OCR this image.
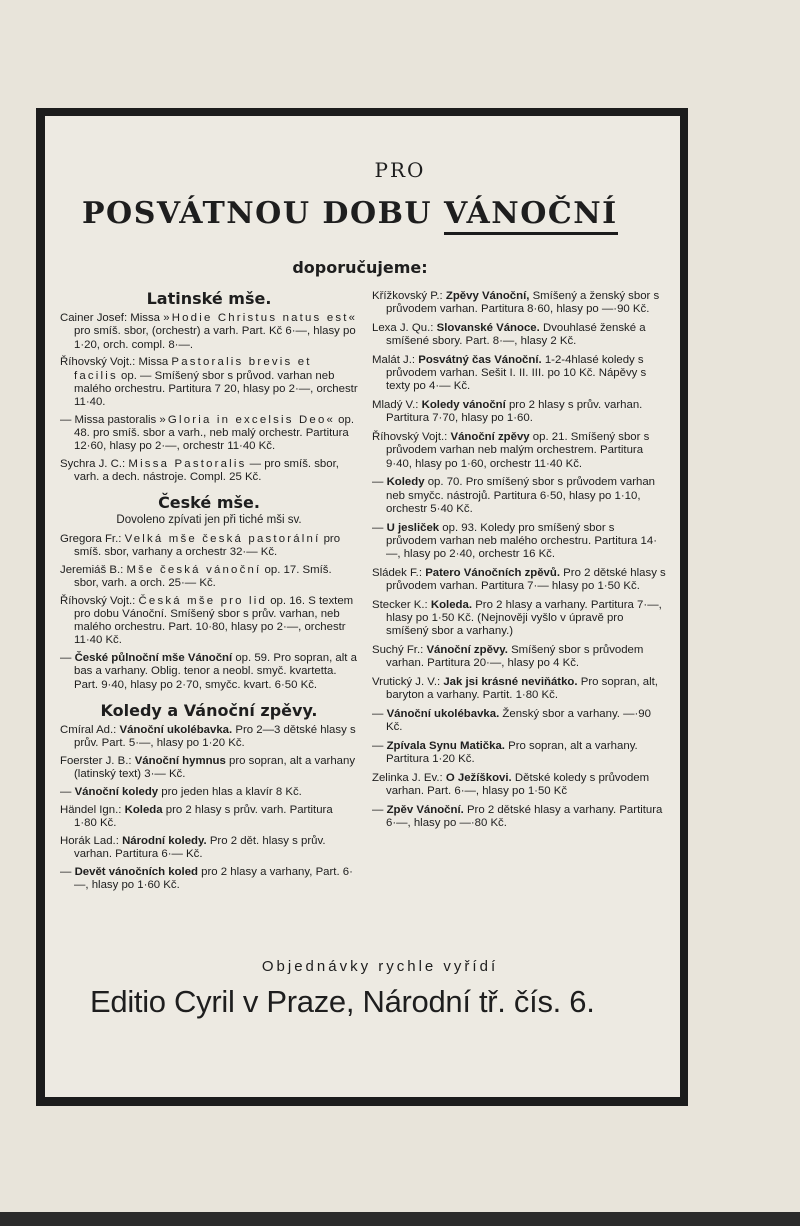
PRO
POSVÁTNOU DOBU VÁNOČNÍ
doporučujeme:
Latinské mše.
Cainer Josef: Missa »Hodie Christus natus est« pro smíš. sbor, (orchestr) a varh. Part. Kč 6·—, hlasy po 1·20, orch. compl. 8·—.
Říhovský Vojt.: Missa Pastoralis brevis et facilis op. — Smíšený sbor s průvod. varhan neb malého orchestru. Partitura 7 20, hlasy po 2·—, orchestr 11·40.
— Missa pastoralis »Gloria in excelsis Deo« op. 48. pro smíš. sbor a varh., neb malý orchestr. Partitura 12·60, hlasy po 2·—, orchestr 11·40 Kč.
Sychra J. C.: Missa Pastoralis — pro smíš. sbor, varh. a dech. nástroje. Compl. 25 Kč.
České mše.
Dovoleno zpívati jen při tiché mši sv.
Gregora Fr.: Velká mše česká pastorální pro smíš. sbor, varhany a orchestr 32·— Kč.
Jeremiáš B.: Mše česká vánoční op. 17. Smíš. sbor, varh. a orch. 25·— Kč.
Říhovský Vojt.: Česká mše pro lid op. 16. S textem pro dobu Vánoční. Smíšený sbor s prův. varhan, neb malého orchestru. Part. 10·80, hlasy po 2·—, orchestr 11·40 Kč.
— České půlnoční mše Vánoční op. 59. Pro sopran, alt a bas a varhany. Oblig. tenor a neobl. smyč. kvartetta. Part. 9·40, hlasy po 2·70, smyčc. kvart. 6·50 Kč.
Koledy a Vánoční zpěvy.
Cmíral Ad.: Vánoční ukolébavka. Pro 2—3 dětské hlasy s prův. Part. 5·—, hlasy po 1·20 Kč.
Foerster J. B.: Vánoční hymnus pro sopran, alt a varhany (latinský text) 3·— Kč.
— Vánoční koledy pro jeden hlas a klavír 8 Kč.
Händel Ign.: Koleda pro 2 hlasy s prův. varh. Partitura 1·80 Kč.
Horák Lad.: Národní koledy. Pro 2 dět. hlasy s prův. varhan. Partitura 6·— Kč.
— Devět vánočních koled pro 2 hlasy a varhany, Part. 6·—, hlasy po 1·60 Kč.
Křížkovský P.: Zpěvy Vánoční, Smíšený a ženský sbor s průvodem varhan. Partitura 8·60, hlasy po —·90 Kč.
Lexa J. Qu.: Slovanské Vánoce. Dvouhlasé ženské a smíšené sbory. Part. 8·—, hlasy 2 Kč.
Malát J.: Posvátný čas Vánoční. 1-2-4hlasé koledy s průvodem varhan. Sešit I. II. III. po 10 Kč. Nápěvy s texty po 4·— Kč.
Mladý V.: Koledy vánoční pro 2 hlasy s prův. varhan. Partitura 7·70, hlasy po 1·60.
Říhovský Vojt.: Vánoční zpěvy op. 21. Smíšený sbor s průvodem varhan neb malým orchestrem. Partitura 9·40, hlasy po 1·60, orchestr 11·40 Kč.
— Koledy op. 70. Pro smíšený sbor s průvodem varhan neb smyčc. nástrojů. Partitura 6·50, hlasy po 1·10, orchestr 5·40 Kč.
— U jesliček op. 93. Koledy pro smíšený sbor s průvodem varhan neb malého orchestru. Partitura 14·—, hlasy po 2·40, orchestr 16 Kč.
Sládek F.: Patero Vánočních zpěvů. Pro 2 dětské hlasy s průvodem varhan. Partitura 7·— hlasy po 1·50 Kč.
Stecker K.: Koleda. Pro 2 hlasy a varhany. Partitura 7·—, hlasy po 1·50 Kč. (Nejnověji vyšlo v úpravě pro smíšený sbor a varhany.)
Suchý Fr.: Vánoční zpěvy. Smíšený sbor s průvodem varhan. Partitura 20·—, hlasy po 4 Kč.
Vrutický J. V.: Jak jsi krásné neviňátko. Pro sopran, alt, baryton a varhany. Partit. 1·80 Kč.
— Vánoční ukolébavka. Ženský sbor a varhany. —·90 Kč.
— Zpívala Synu Matička. Pro sopran, alt a varhany. Partitura 1·20 Kč.
Zelinka J. Ev.: O Ježíškovi. Dětské koledy s průvodem varhan. Part. 6·—, hlasy po 1·50 Kč
— Zpěv Vánoční. Pro 2 dětské hlasy a varhany. Partitura 6·—, hlasy po —·80 Kč.
Objednávky rychle vyřídí
Editio Cyril v Praze, Národní tř. čís. 6.
